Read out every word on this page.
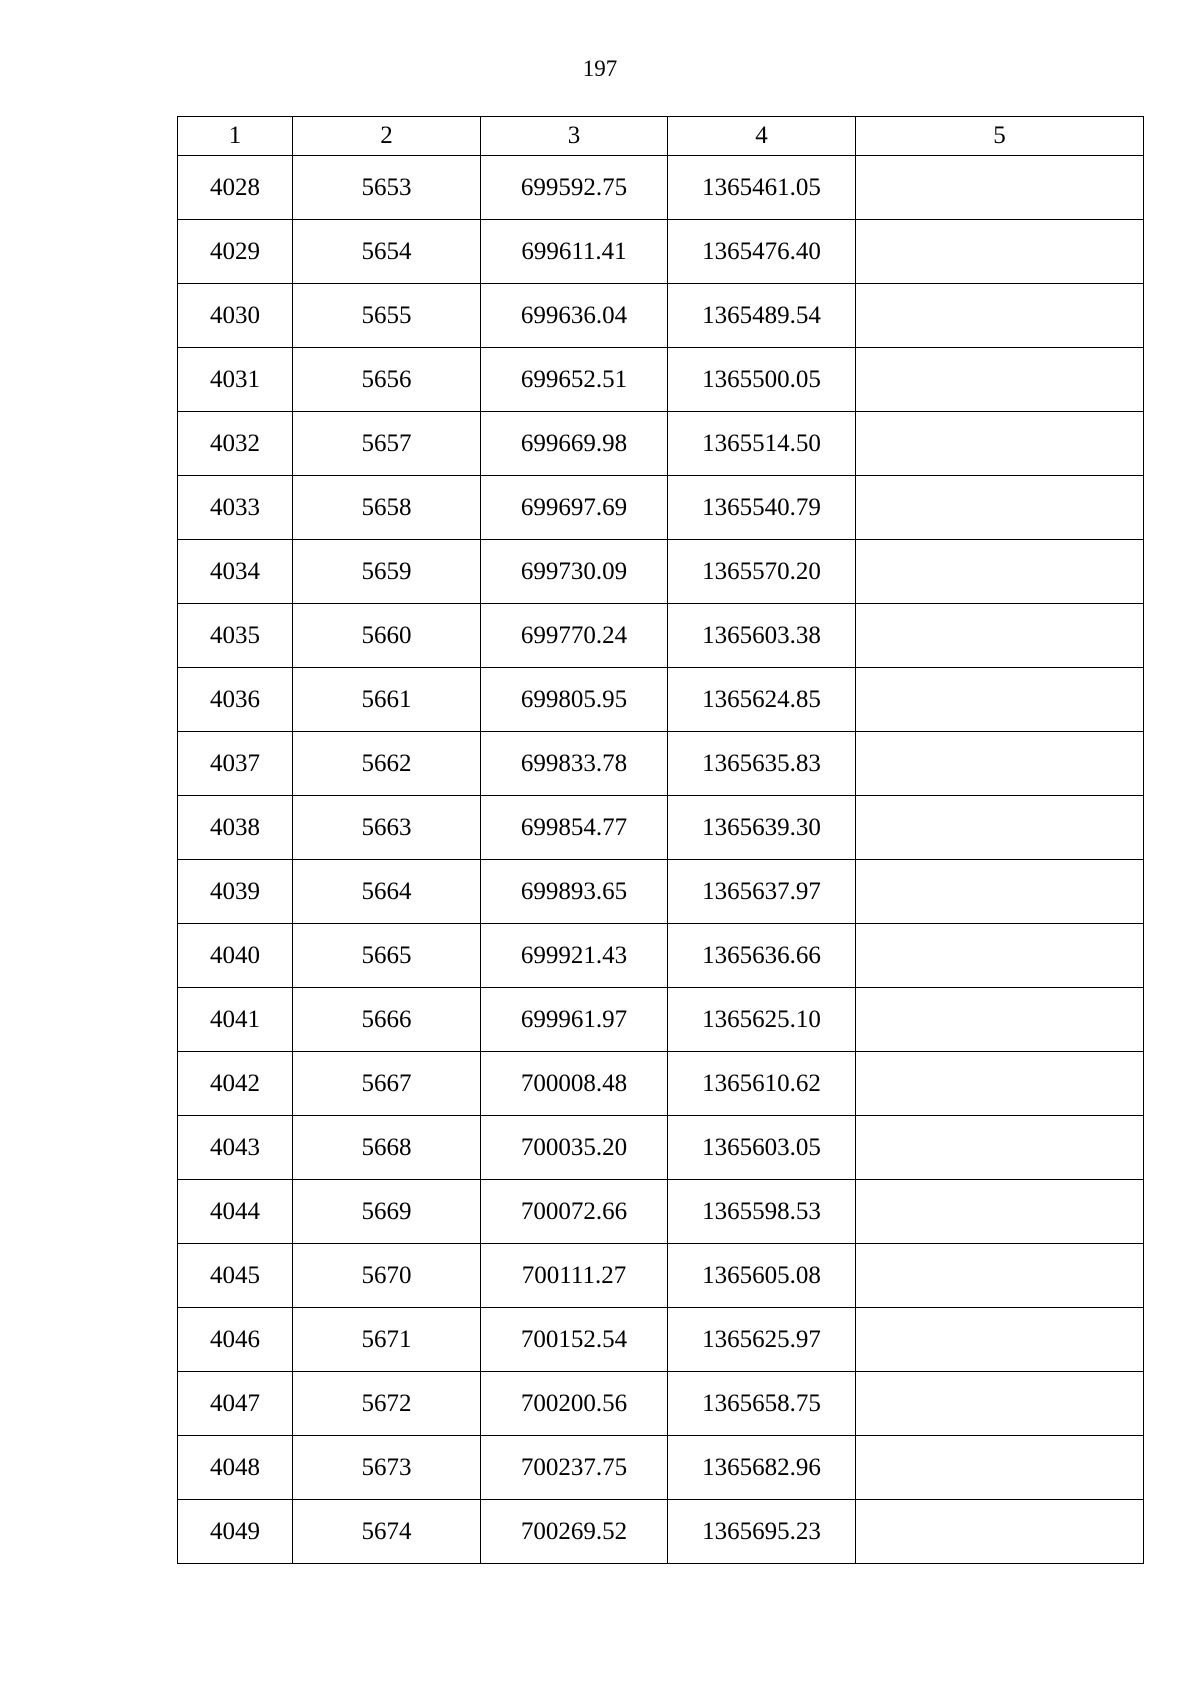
197
1	2	3	4	5
4028	5653	699592.75	1365461.05	
4029	5654	699611.41	1365476.40	
4030	5655	699636.04	1365489.54	
4031	5656	699652.51	1365500.05	
4032	5657	699669.98	1365514.50	
4033	5658	699697.69	1365540.79	
4034	5659	699730.09	1365570.20	
4035	5660	699770.24	1365603.38	
4036	5661	699805.95	1365624.85	
4037	5662	699833.78	1365635.83	
4038	5663	699854.77	1365639.30	
4039	5664	699893.65	1365637.97	
4040	5665	699921.43	1365636.66	
4041	5666	699961.97	1365625.10	
4042	5667	700008.48	1365610.62	
4043	5668	700035.20	1365603.05	
4044	5669	700072.66	1365598.53	
4045	5670	700111.27	1365605.08	
4046	5671	700152.54	1365625.97	
4047	5672	700200.56	1365658.75	
4048	5673	700237.75	1365682.96	
4049	5674	700269.52	1365695.23	
